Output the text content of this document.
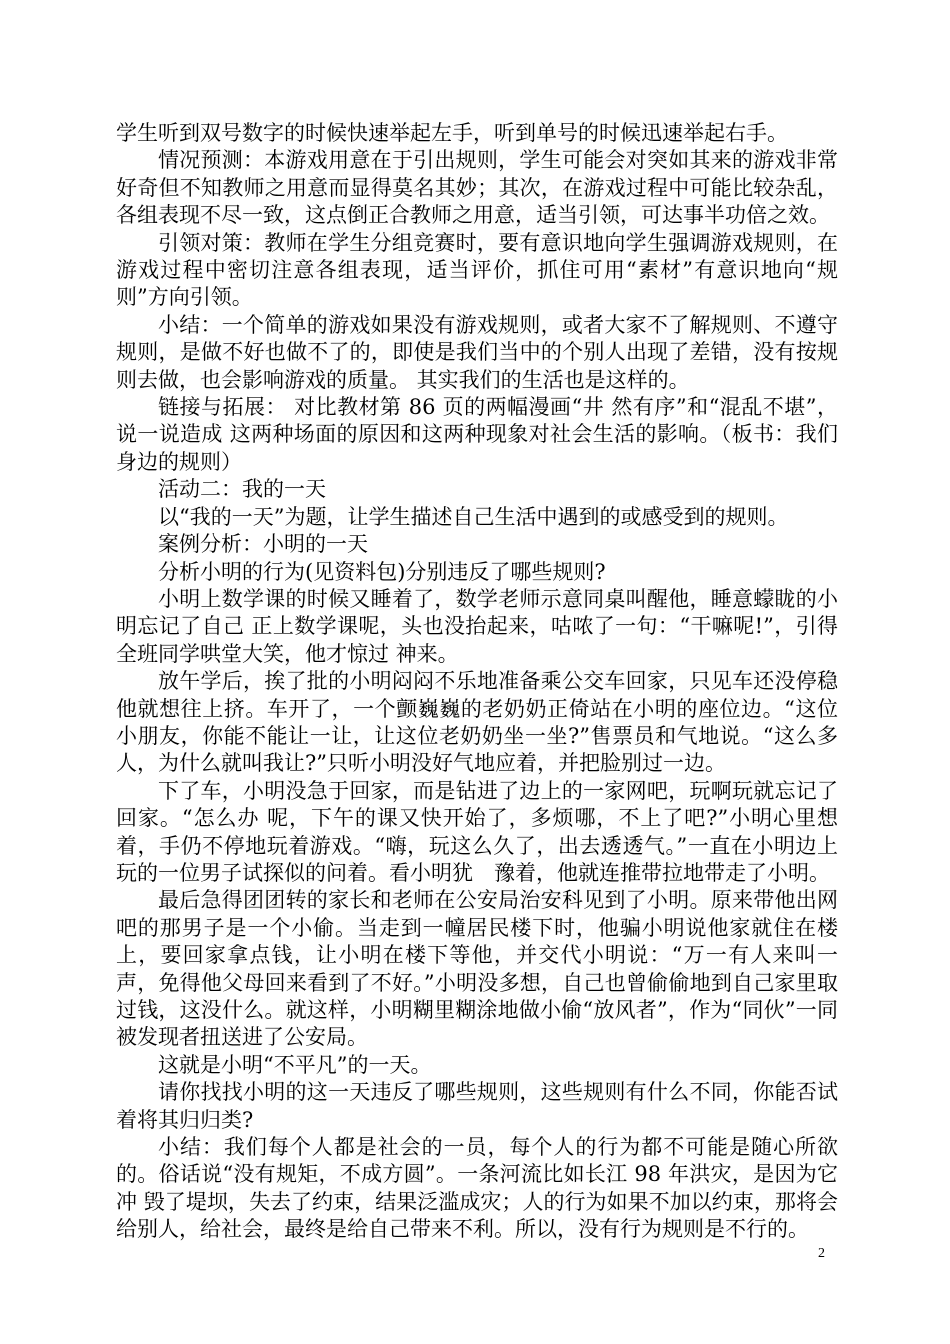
学生听到双号数字的时候快速举起左手，听到单号的时候迅速举起右手。

情况预测：本游戏用意在于引出规则，学生可能会对突如其来的游戏非常好奇但不知教师之用意而显得莫名其妙；其次，在游戏过程中可能比较杂乱，各组表现不尽一致，这点倒正合教师之用意，适当引领，可达事半功倍之效。

引领对策：教师在学生分组竞赛时，要有意识地向学生强调游戏规则，在游戏过程中密切注意各组表现，适当评价，抓住可用“素材”有意识地向“规则”方向引领。

小结：一个简单的游戏如果没有游戏规则，或者大家不了解规则、不遵守规则，是做不好也做不了的，即使是我们当中的个别人出现了差错，没有按规则去做，也会影响游戏的质量。 其实我们的生活也是这样的。

链接与拓展： 对比教材第 86 页的两幅漫画“井 然有序”和“混乱不堪”，说一说造成 这两种场面的原因和这两种现象对社会生活的影响。（板书：我们身边的规则）

活动二：我的一天

以“我的一天”为题，让学生描述自己生活中遇到的或感受到的规则。

案例分析：小明的一天

分析小明的行为(见资料包)分别违反了哪些规则?

小明上数学课的时候又睡着了，数学老师示意同桌叫醒他，睡意蠓眬的小明忘记了自己 正上数学课呢，头也没抬起来，咕哝了一句：“干嘛呢!”，引得全班同学哄堂大笑，他才惊过 神来。

放午学后，挨了批的小明闷闷不乐地准备乘公交车回家，只见车还没停稳他就想往上挤。车开了，一个颤巍巍的老奶奶正倚站在小明的座位边。“这位小朋友，你能不能让一让，让这位老奶奶坐一坐?”售票员和气地说。“这么多人，为什么就叫我让?”只听小明没好气地应着，并把脸别过一边。

下了车，小明没急于回家，而是钻进了边上的一家网吧，玩啊玩就忘记了回家。“怎么办 呢，下午的课又快开始了，多烦哪，不上了吧?”小明心里想着，手仍不停地玩着游戏。“嗨，玩这么久了，出去透透气。”一直在小明边上玩的一位男子试探似的问着。看小明犹　豫着，他就连推带拉地带走了小明。

最后急得团团转的家长和老师在公安局治安科见到了小明。原来带他出网吧的那男子是一个小偷。当走到一幢居民楼下时，他骗小明说他家就住在楼上，要回家拿点钱，让小明在楼下等他，并交代小明说：“万一有人来叫一声，免得他父母回来看到了不好。”小明没多想，自己也曾偷偷地到自己家里取过钱，这没什么。就这样，小明糊里糊涂地做小偷“放风者”，作为“同伙”一同被发现者扭送进了公安局。

这就是小明“不平凡”的一天。

请你找找小明的这一天违反了哪些规则，这些规则有什么不同，你能否试着将其归归类?

小结：我们每个人都是社会的一员，每个人的行为都不可能是随心所欲的。俗话说“没有规矩，不成方圆”。一条河流比如长江 98 年洪灾，是因为它冲 毁了堤坝，失去了约束，结果泛滥成灾；人的行为如果不加以约束，那将会给别人，给社会，最终是给自己带来不利。所以，没有行为规则是不行的。

2
